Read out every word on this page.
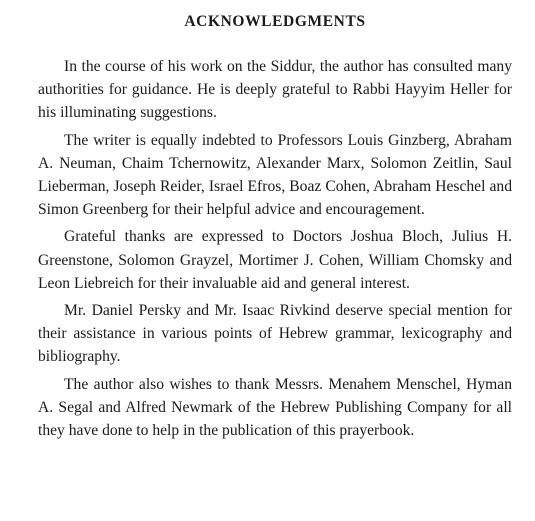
ACKNOWLEDGMENTS

In the course of his work on the Siddur, the author has consulted many authorities for guidance. He is deeply grateful to Rabbi Hayyim Heller for his illuminating suggestions.

The writer is equally indebted to Professors Louis Ginzberg, Abraham A. Neuman, Chaim Tchernowitz, Alexander Marx, Solomon Zeitlin, Saul Lieberman, Joseph Reider, Israel Efros, Boaz Cohen, Abraham Heschel and Simon Greenberg for their helpful advice and encouragement.

Grateful thanks are expressed to Doctors Joshua Bloch, Julius H. Greenstone, Solomon Grayzel, Mortimer J. Cohen, William Chomsky and Leon Liebreich for their invaluable aid and general interest.

Mr. Daniel Persky and Mr. Isaac Rivkind deserve special mention for their assistance in various points of Hebrew grammar, lexicography and bibliography.

The author also wishes to thank Messrs. Menahem Menschel, Hyman A. Segal and Alfred Newmark of the Hebrew Publishing Company for all they have done to help in the publication of this prayerbook.
